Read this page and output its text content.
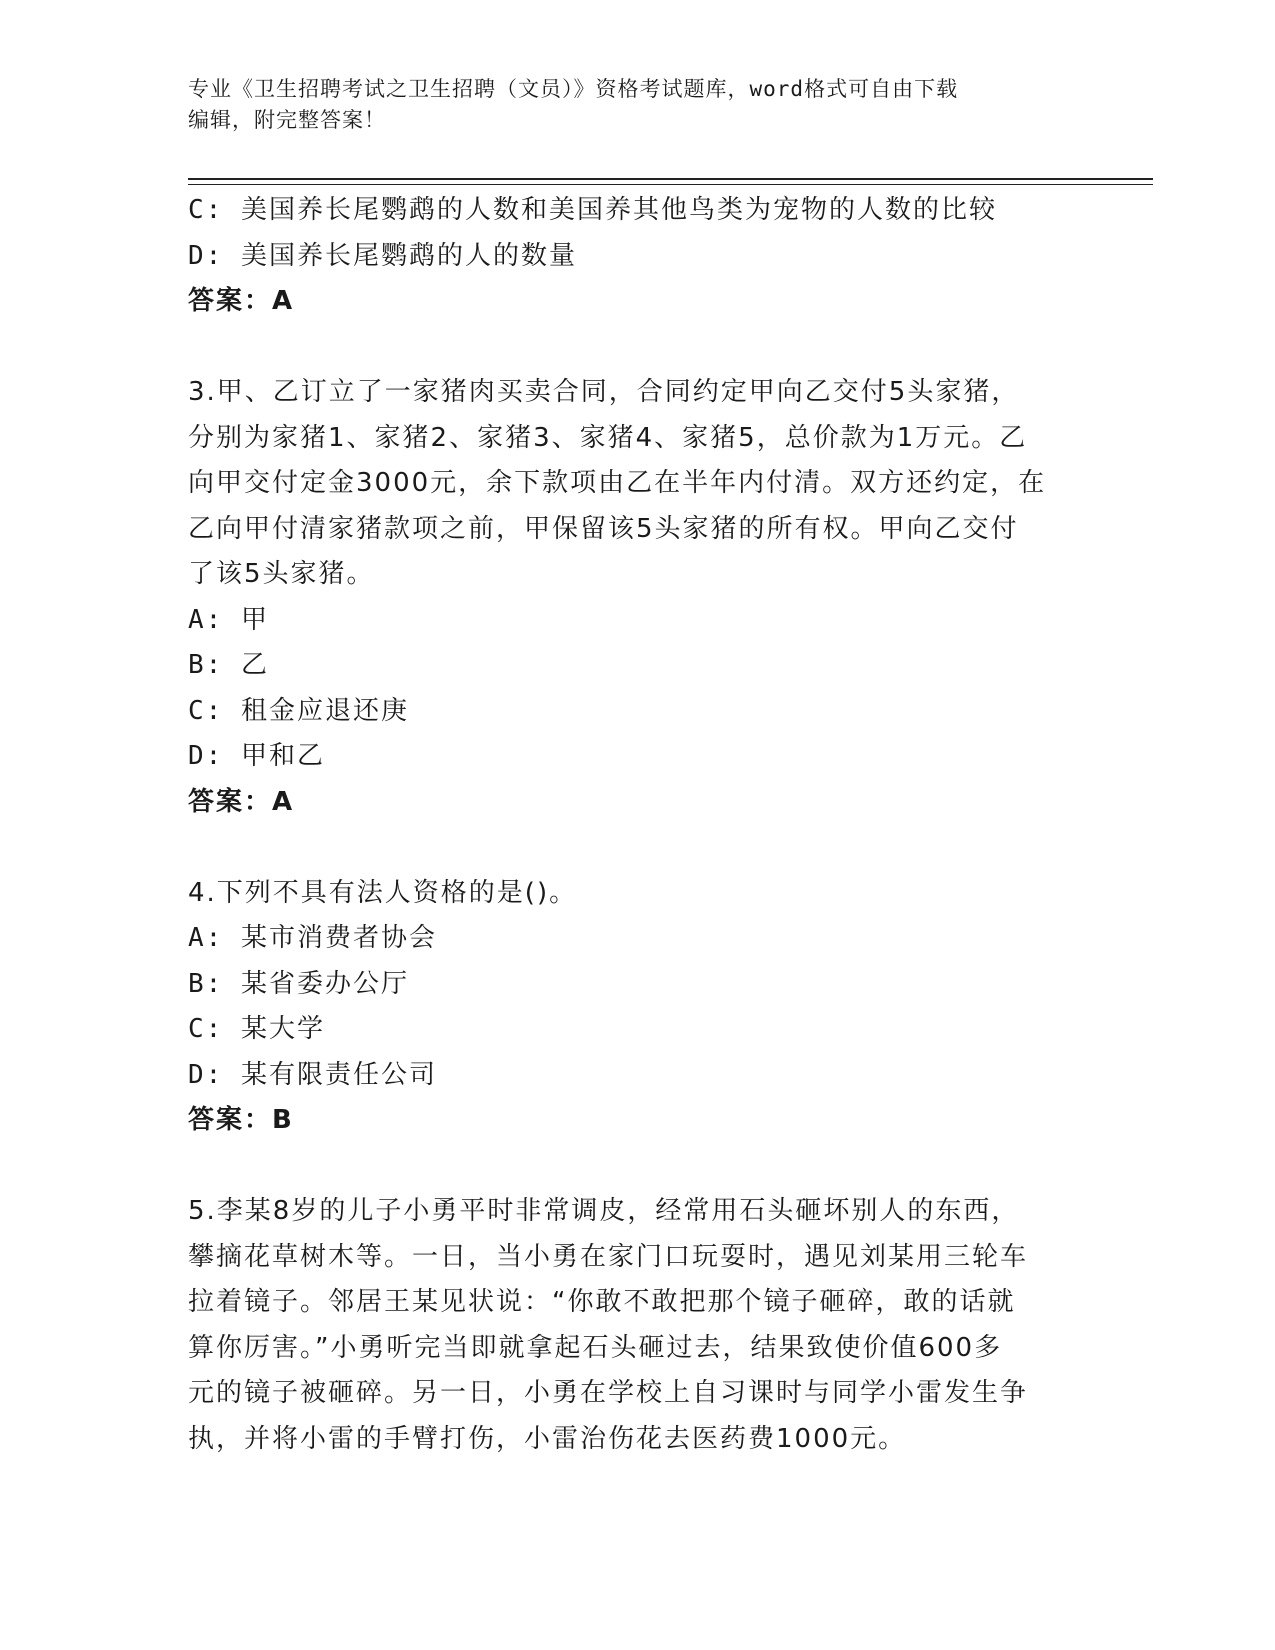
专业《卫生招聘考试之卫生招聘（文员）》资格考试题库，word格式可自由下载
编辑，附完整答案！
C: 美国养长尾鹦鹉的人数和美国养其他鸟类为宠物的人数的比较
D: 美国养长尾鹦鹉的人的数量
答案：A
3.甲、乙订立了一家猪肉买卖合同，合同约定甲向乙交付5头家猪，
分别为家猪1、家猪2、家猪3、家猪4、家猪5，总价款为1万元。乙
向甲交付定金3000元，余下款项由乙在半年内付清。双方还约定，在
乙向甲付清家猪款项之前，甲保留该5头家猪的所有权。甲向乙交付
了该5头家猪。
A: 甲
B: 乙
C: 租金应退还庚
D: 甲和乙
答案：A
4.下列不具有法人资格的是()。
A: 某市消费者协会
B: 某省委办公厅
C: 某大学
D: 某有限责任公司
答案：B
5.李某8岁的儿子小勇平时非常调皮，经常用石头砸坏别人的东西，
攀摘花草树木等。一日，当小勇在家门口玩耍时，遇见刘某用三轮车
拉着镜子。邻居王某见状说：“你敢不敢把那个镜子砸碎，敢的话就
算你厉害。”小勇听完当即就拿起石头砸过去，结果致使价值600多
元的镜子被砸碎。另一日，小勇在学校上自习课时与同学小雷发生争
执，并将小雷的手臂打伤，小雷治伤花去医药费1000元。
